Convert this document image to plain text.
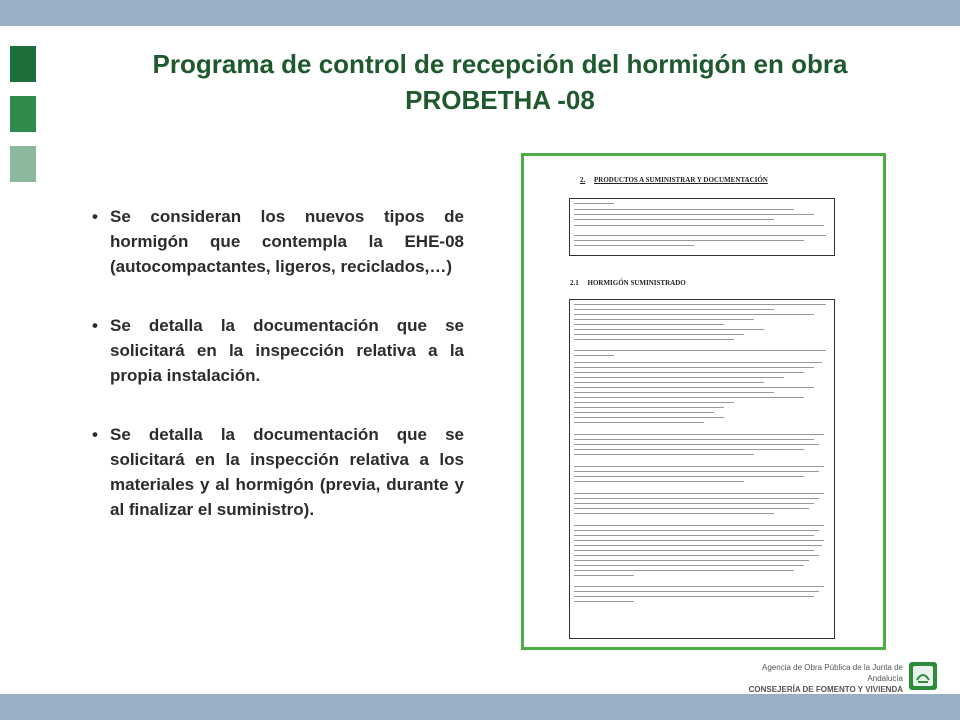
Programa de control de recepción del hormigón en obra
PROBETHA -08
• Se consideran los nuevos tipos de hormigón que contempla la EHE-08 (autocompactantes, ligeros, reciclados,…)
• Se detalla la documentación que se solicitará en la inspección relativa a la propia instalación.
• Se detalla la documentación que se solicitará en la inspección relativa a los materiales y al hormigón (previa, durante y al finalizar el suministro).
2. PRODUCTOS A SUMINISTRAR Y DOCUMENTACIÓN
2.1 HORMIGÓN SUMINISTRADO
Agencia de Obra Pública de la Junta de Andalucía
CONSEJERÍA DE FOMENTO Y VIVIENDA
